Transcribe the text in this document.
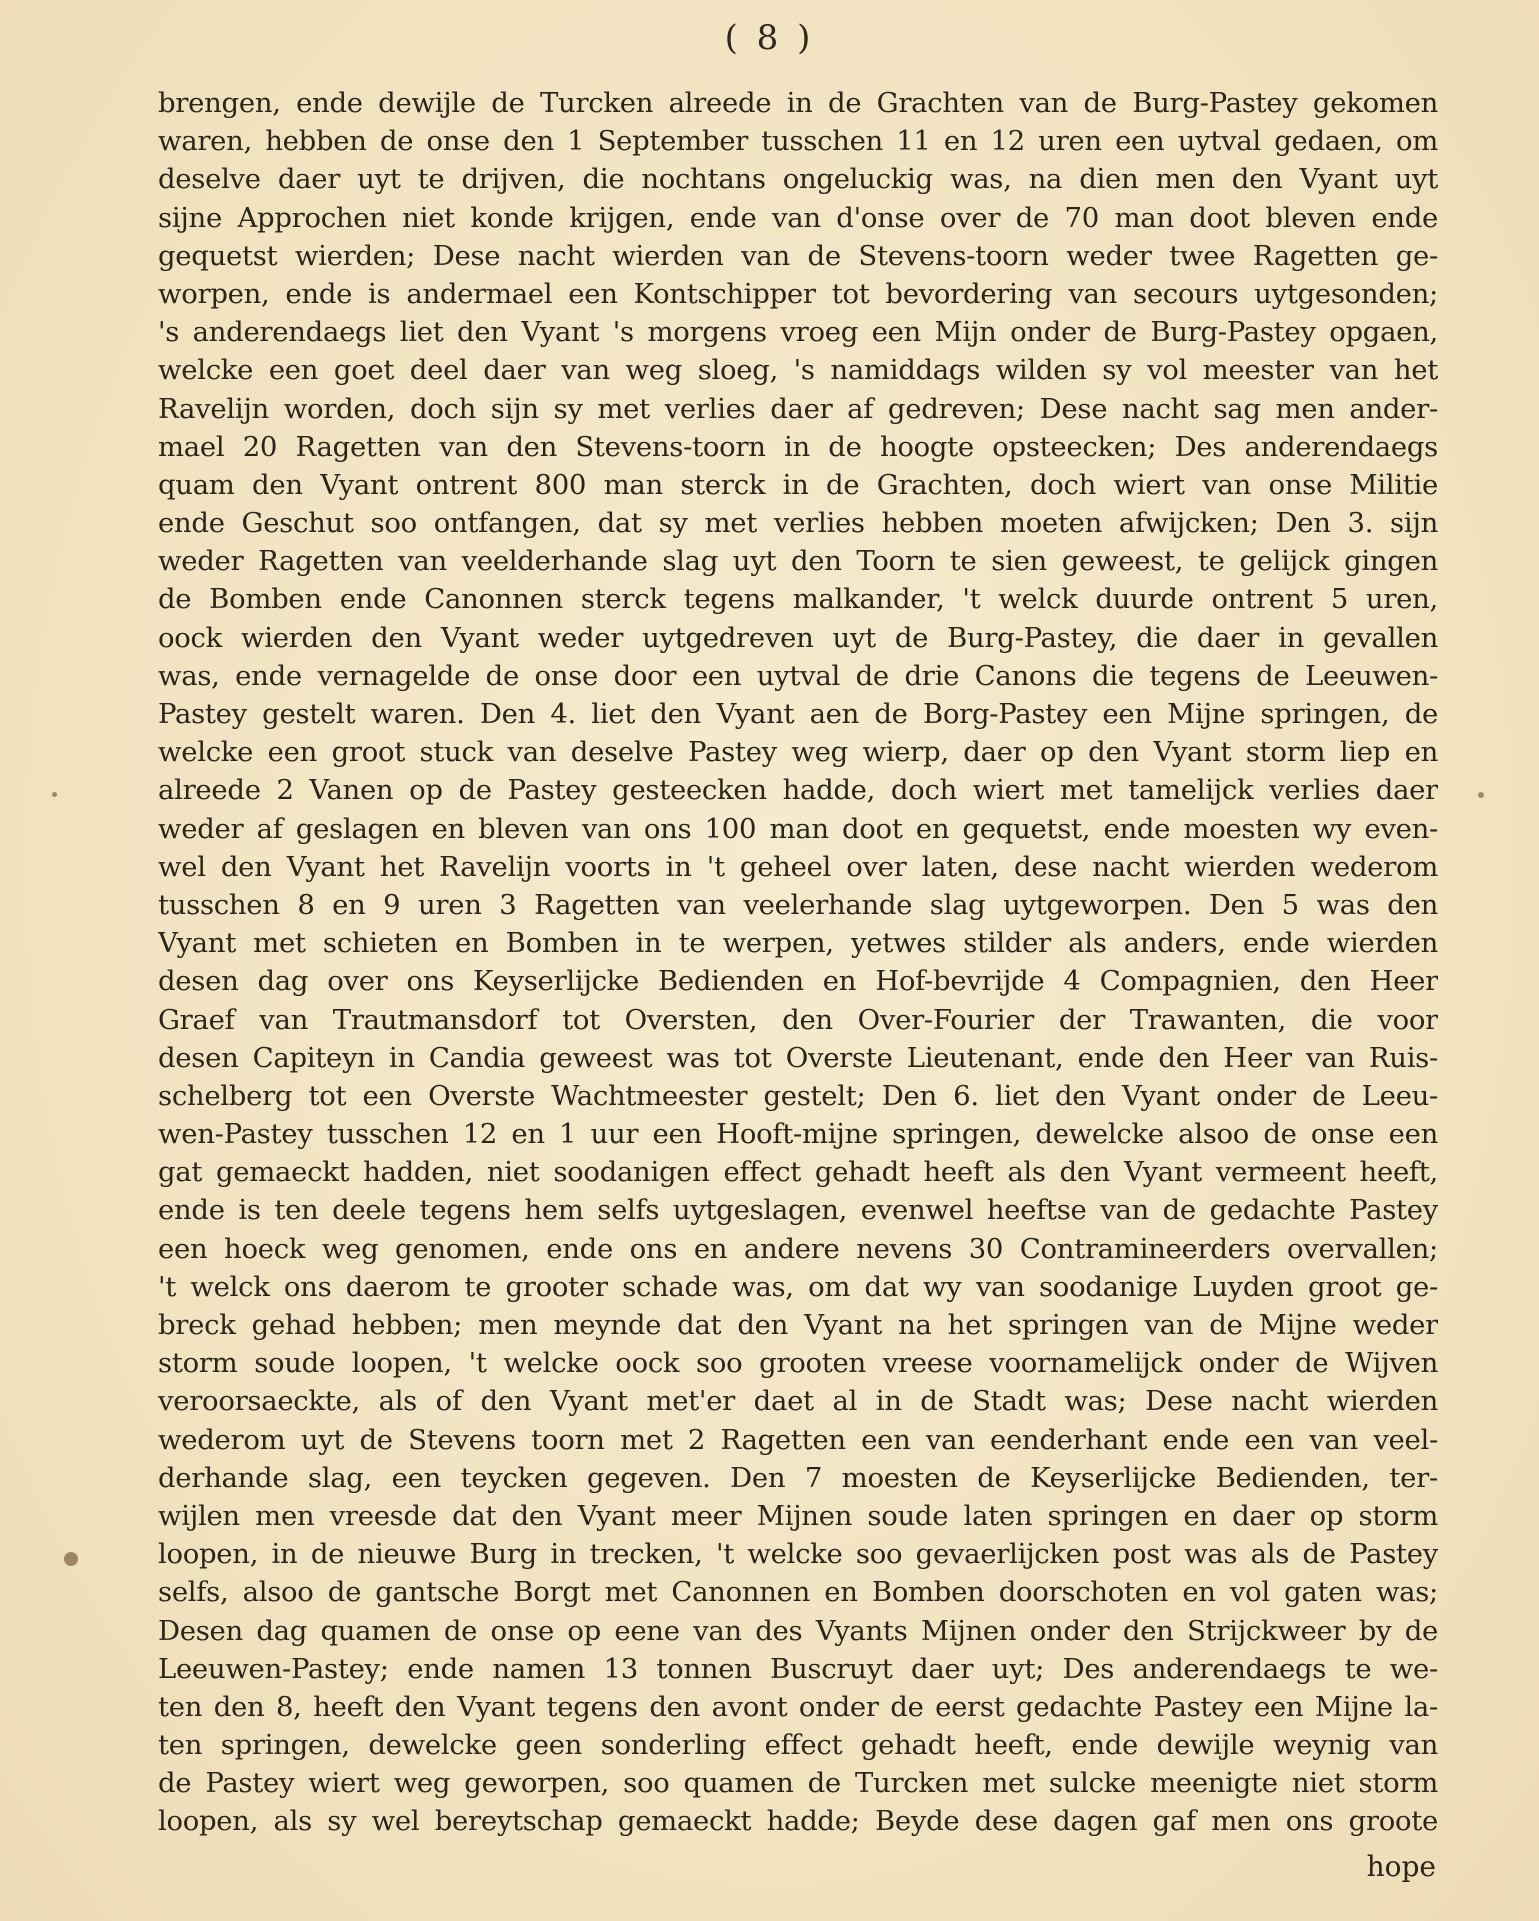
( 8 )
brengen, ende dewijle de Turcken alreede in de Grachten van de Burg-Pastey gekomen
waren, hebben de onse den 1 September tusschen 11 en 12 uren een uytval gedaen, om
deselve daer uyt te drijven, die nochtans ongeluckig was, na dien men den Vyant uyt
sijne Approchen niet konde krijgen, ende van d'onse over de 70 man doot bleven ende
gequetst wierden; Dese nacht wierden van de Stevens-toorn weder twee Ragetten ge-
worpen, ende is andermael een Kontschipper tot bevordering van secours uytgesonden;
's anderendaegs liet den Vyant 's morgens vroeg een Mijn onder de Burg-Pastey opgaen,
welcke een goet deel daer van weg sloeg, 's namiddags wilden sy vol meester van het
Ravelijn worden, doch sijn sy met verlies daer af gedreven; Dese nacht sag men ander-
mael 20 Ragetten van den Stevens-toorn in de hoogte opsteecken; Des anderendaegs
quam den Vyant ontrent 800 man sterck in de Grachten, doch wiert van onse Militie
ende Geschut soo ontfangen, dat sy met verlies hebben moeten afwijcken; Den 3. sijn
weder Ragetten van veelderhande slag uyt den Toorn te sien geweest, te gelijck gingen
de Bomben ende Canonnen sterck tegens malkander, 't welck duurde ontrent 5 uren,
oock wierden den Vyant weder uytgedreven uyt de Burg-Pastey, die daer in gevallen
was, ende vernagelde de onse door een uytval de drie Canons die tegens de Leeuwen-
Pastey gestelt waren. Den 4. liet den Vyant aen de Borg-Pastey een Mijne springen, de
welcke een groot stuck van deselve Pastey weg wierp, daer op den Vyant storm liep en
alreede 2 Vanen op de Pastey gesteecken hadde, doch wiert met tamelijck verlies daer
weder af geslagen en bleven van ons 100 man doot en gequetst, ende moesten wy even-
wel den Vyant het Ravelijn voorts in 't geheel over laten, dese nacht wierden wederom
tusschen 8 en 9 uren 3 Ragetten van veelerhande slag uytgeworpen. Den 5 was den
Vyant met schieten en Bomben in te werpen, yetwes stilder als anders, ende wierden
desen dag over ons Keyserlijcke Bedienden en Hof-bevrijde 4 Compagnien, den Heer
Graef van Trautmansdorf tot Oversten, den Over-Fourier der Trawanten, die voor
desen Capiteyn in Candia geweest was tot Overste Lieutenant, ende den Heer van Ruis-
schelberg tot een Overste Wachtmeester gestelt; Den 6. liet den Vyant onder de Leeu-
wen-Pastey tusschen 12 en 1 uur een Hooft-mijne springen, dewelcke alsoo de onse een
gat gemaeckt hadden, niet soodanigen effect gehadt heeft als den Vyant vermeent heeft,
ende is ten deele tegens hem selfs uytgeslagen, evenwel heeftse van de gedachte Pastey
een hoeck weg genomen, ende ons en andere nevens 30 Contramineerders overvallen;
't welck ons daerom te grooter schade was, om dat wy van soodanige Luyden groot ge-
breck gehad hebben; men meynde dat den Vyant na het springen van de Mijne weder
storm soude loopen, 't welcke oock soo grooten vreese voornamelijck onder de Wijven
veroorsaeckte, als of den Vyant met'er daet al in de Stadt was; Dese nacht wierden
wederom uyt de Stevens toorn met 2 Ragetten een van eenderhant ende een van veel-
derhande slag, een teycken gegeven. Den 7 moesten de Keyserlijcke Bedienden, ter-
wijlen men vreesde dat den Vyant meer Mijnen soude laten springen en daer op storm
loopen, in de nieuwe Burg in trecken, 't welcke soo gevaerlijcken post was als de Pastey
selfs, alsoo de gantsche Borgt met Canonnen en Bomben doorschoten en vol gaten was;
Desen dag quamen de onse op eene van des Vyants Mijnen onder den Strijckweer by de
Leeuwen-Pastey; ende namen 13 tonnen Buscruyt daer uyt; Des anderendaegs te we-
ten den 8, heeft den Vyant tegens den avont onder de eerst gedachte Pastey een Mijne la-
ten springen, dewelcke geen sonderling effect gehadt heeft, ende dewijle weynig van
de Pastey wiert weg geworpen, soo quamen de Turcken met sulcke meenigte niet storm
loopen, als sy wel bereytschap gemaeckt hadde; Beyde dese dagen gaf men ons groote
hope
